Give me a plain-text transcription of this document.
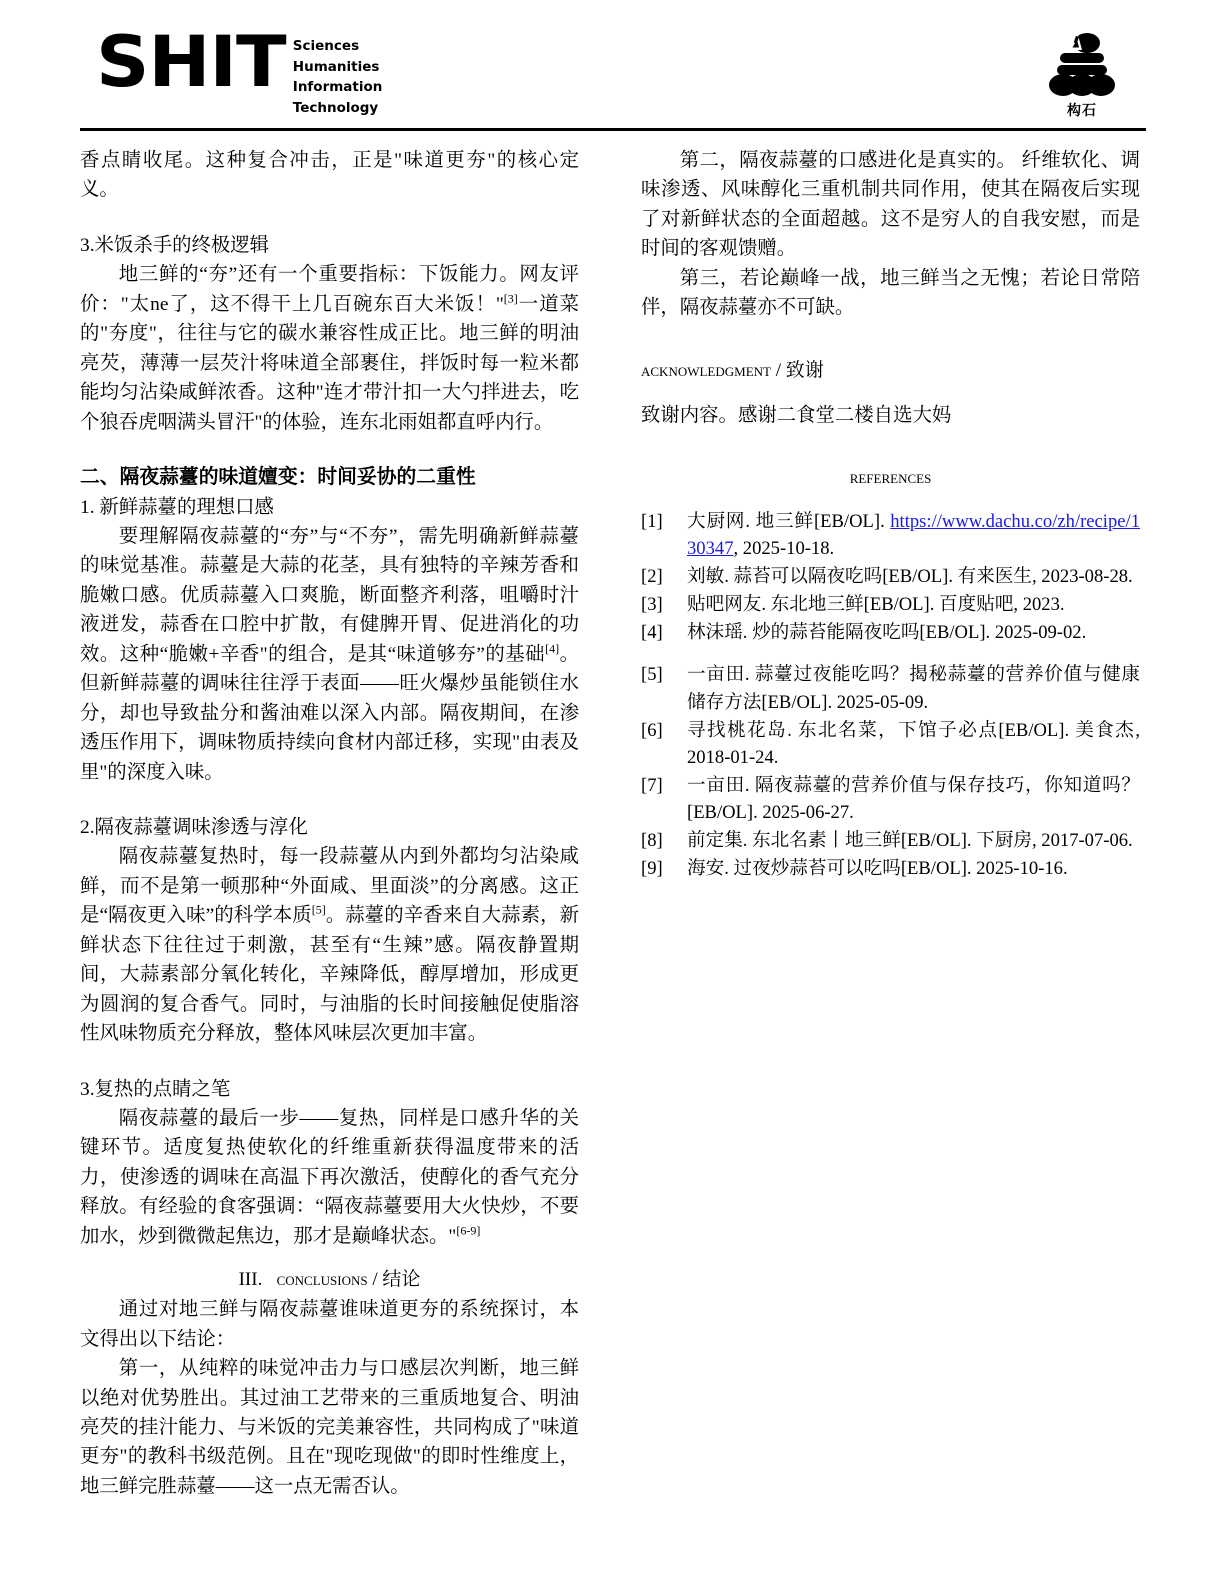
SHIT Sciences
Humanities
Information
Technology	构石

香点睛收尾。这种复合冲击，正是"味道更夯"的核心定义。

3.米饭杀手的终极逻辑

地三鲜的“夯”还有一个重要指标：下饭能力。网友评价："太ne了，这不得干上几百碗东百大米饭！"[3]一道菜的"夯度"，往往与它的碳水兼容性成正比。地三鲜的明油亮芡，薄薄一层芡汁将味道全部裹住，拌饭时每一粒米都能均匀沾染咸鲜浓香。这种"连才带汁扣一大勺拌进去，吃个狼吞虎咽满头冒汗"的体验，连东北雨姐都直呼内行。

二、隔夜蒜薹的味道嬗变：时间妥协的二重性

1. 新鲜蒜薹的理想口感

要理解隔夜蒜薹的“夯”与“不夯”，需先明确新鲜蒜薹的味觉基准。蒜薹是大蒜的花茎，具有独特的辛辣芳香和脆嫩口感。优质蒜薹入口爽脆，断面整齐利落，咀嚼时汁液迸发，蒜香在口腔中扩散，有健脾开胃、促进消化的功效。这种“脆嫩+辛香"的组合，是其“味道够夯”的基础[4]。但新鲜蒜薹的调味往往浮于表面——旺火爆炒虽能锁住水分，却也导致盐分和酱油难以深入内部。隔夜期间，在渗透压作用下，调味物质持续向食材内部迁移，实现"由表及里"的深度入味。

2.隔夜蒜薹调味渗透与淳化

隔夜蒜薹复热时，每一段蒜薹从内到外都均匀沾染咸鲜，而不是第一顿那种“外面咸、里面淡”的分离感。这正是“隔夜更入味”的科学本质[5]。蒜薹的辛香来自大蒜素，新鲜状态下往往过于刺激，甚至有“生辣”感。隔夜静置期间，大蒜素部分氧化转化，辛辣降低，醇厚增加，形成更为圆润的复合香气。同时，与油脂的长时间接触促使脂溶性风味物质充分释放，整体风味层次更加丰富。

3.复热的点睛之笔

隔夜蒜薹的最后一步——复热，同样是口感升华的关键环节。适度复热使软化的纤维重新获得温度带来的活力，使渗透的调味在高温下再次激活，使醇化的香气充分释放。有经验的食客强调：“隔夜蒜薹要用大火快炒，不要加水，炒到微微起焦边，那才是巅峰状态。"[6-9]

III. conclusions / 结论

通过对地三鲜与隔夜蒜薹谁味道更夯的系统探讨，本文得出以下结论：

第一，从纯粹的味觉冲击力与口感层次判断，地三鲜以绝对优势胜出。其过油工艺带来的三重质地复合、明油亮芡的挂汁能力、与米饭的完美兼容性，共同构成了"味道更夯"的教科书级范例。且在"现吃现做"的即时性维度上，地三鲜完胜蒜薹——这一点无需否认。

第二，隔夜蒜薹的口感进化是真实的。 纤维软化、调味渗透、风味醇化三重机制共同作用，使其在隔夜后实现了对新鲜状态的全面超越。这不是穷人的自我安慰，而是时间的客观馈赠。

第三，若论巅峰一战，地三鲜当之无愧；若论日常陪伴，隔夜蒜薹亦不可缺。

acknowledgment / 致谢

致谢内容。感谢二食堂二楼自选大妈

references

[1]	大厨网. 地三鲜[EB/OL]. https://www.dachu.co/zh/recipe/130347, 2025-10-18.
[2]	刘敏. 蒜苔可以隔夜吃吗[EB/OL]. 有来医生, 2023-08-28.
[3]	贴吧网友. 东北地三鲜[EB/OL]. 百度贴吧, 2023.
[4]	林沫瑶. 炒的蒜苔能隔夜吃吗[EB/OL]. 2025-09-02.
[5]	一亩田. 蒜薹过夜能吃吗？揭秘蒜薹的营养价值与健康储存方法[EB/OL]. 2025-05-09.
[6]	寻找桃花岛. 东北名菜，下馆子必点[EB/OL]. 美食杰, 2018-01-24.
[7]	一亩田. 隔夜蒜薹的营养价值与保存技巧，你知道吗？[EB/OL]. 2025-06-27.
[8]	前定集. 东北名素丨地三鲜[EB/OL]. 下厨房, 2017-07-06.
[9]	海安. 过夜炒蒜苔可以吃吗[EB/OL]. 2025-10-16.
